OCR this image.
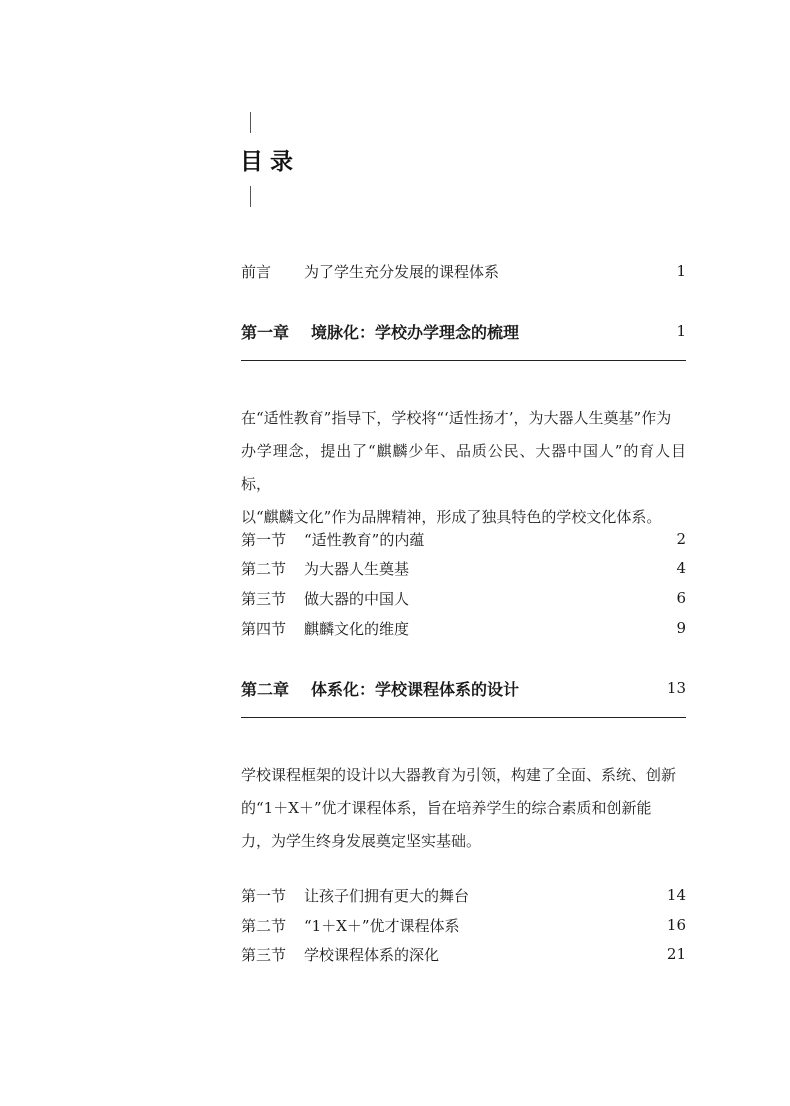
目录
前言	为了学生充分发展的课程体系	1
第一章	境脉化：学校办学理念的梳理	1

在“适性教育”指导下，学校将“‘适性扬才’，为大器人生奠基”作为
办学理念，提出了“麒麟少年、品质公民、大器中国人”的育人目标，
以“麒麟文化”作为品牌精神，形成了独具特色的学校文化体系。

第一节	“适性教育”的内蕴	2
第二节	为大器人生奠基	4
第三节	做大器的中国人	6
第四节	麒麟文化的维度	9
第二章	体系化：学校课程体系的设计	13

学校课程框架的设计以大器教育为引领，构建了全面、系统、创新
的“1＋X＋”优才课程体系，旨在培养学生的综合素质和创新能
力，为学生终身发展奠定坚实基础。

第一节	让孩子们拥有更大的舞台	14
第二节	“1＋X＋”优才课程体系	16
第三节	学校课程体系的深化	21
